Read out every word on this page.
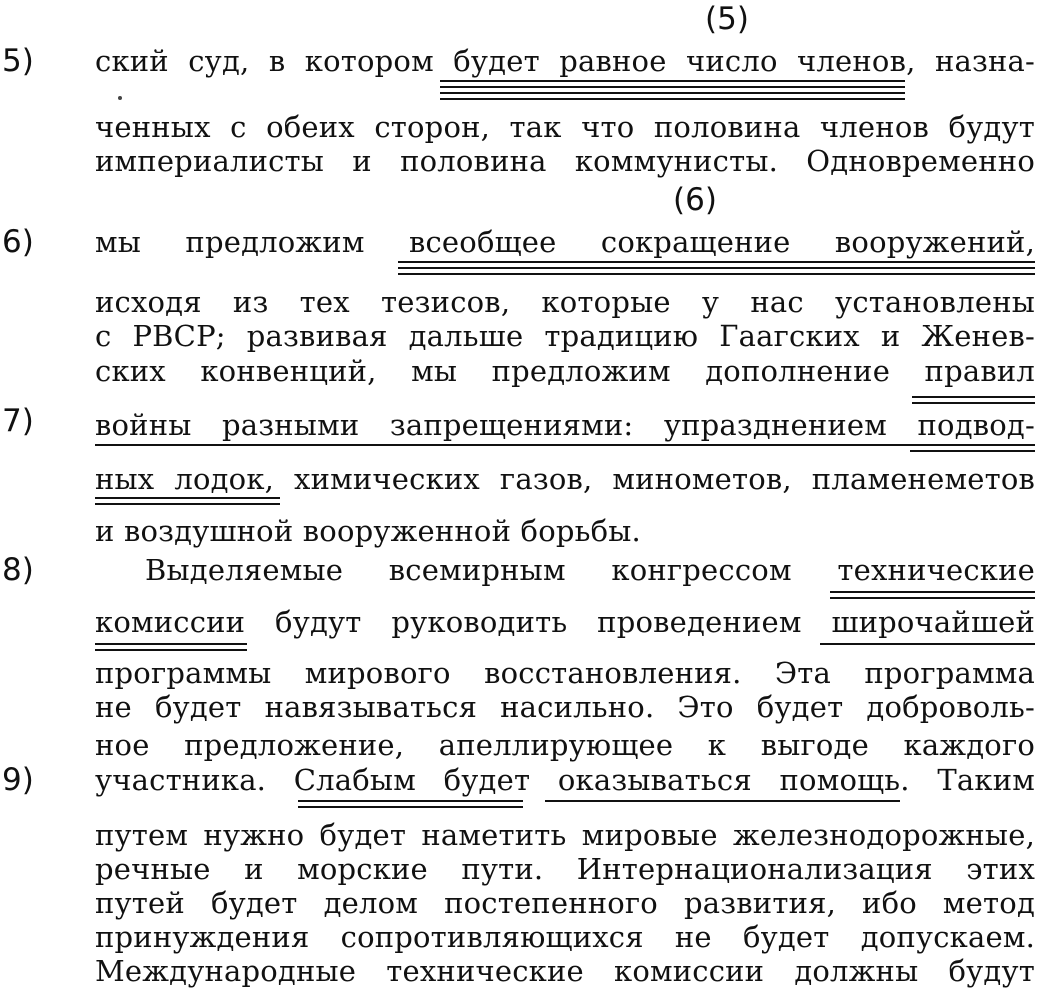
(5)
(6)
5)
6)
7)
8)
9)
ский суд, в котором будет равное число членов, назна-
ченных с обеих сторон, так что половина членов будут
империалисты и половина коммунисты. Одновременно
мы предложим всеобщее сокращение вооружений,
исходя из тех тезисов, которые у нас установлены
с РВСР; развивая дальше традицию Гаагских и Женев-
ских конвенций, мы предложим дополнение правил
войны разными запрещениями: упразднением подвод-
ных лодок, химических газов, минометов, пламенеметов
и воздушной вооруженной борьбы.
Выделяемые всемирным конгрессом технические
комиссии будут руководить проведением широчайшей
программы мирового восстановления. Эта программа
не будет навязываться насильно. Это будет доброволь-
ное предложение, апеллирующее к выгоде каждого
участника. Слабым будет оказываться помощь. Таким
путем нужно будет наметить мировые железнодорожные,
речные и морские пути. Интернационализация этих
путей будет делом постепенного развития, ибо метод
принуждения сопротивляющихся не будет допускаем.
Международные технические комиссии должны будут
